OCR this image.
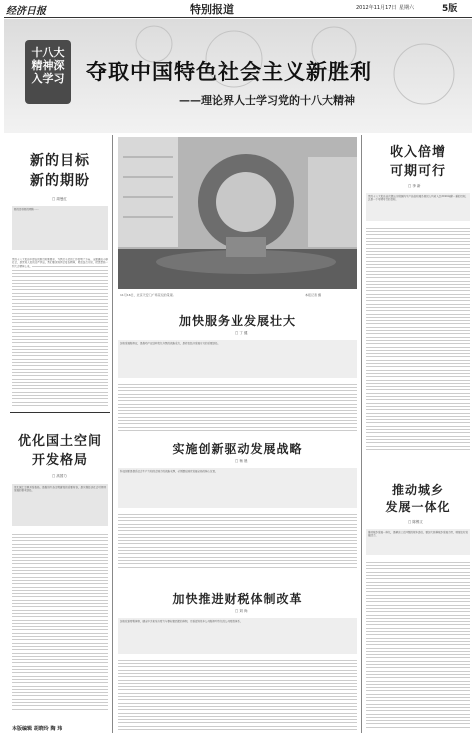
经济日报	特别报道	2012年11月17日 星期六	5版
十八大精神深入学习	夺取中国特色社会主义新胜利
——理论界人士学习党的十八大精神
新的目标
新的期盼
□ 周曼红
新的目标新的期盼……
党的十八大报告中提出的新目标新要求，为我们今后的工作指明了方向。全面建成小康社会，是党和人民的庄严承诺。我们要深刻领会报告精神，紧密结合实际，把思想统一到大会精神上来。
优化国土空间
开发格局
□ 高国力
优化国土空间开发格局，是推进生态文明建设的重要内容，是实现经济社会可持续发展的根本途径。
本版编辑 胡晓玲 陶 玮
11月16日，北京天安门广场花坛的景观。	本报记者 摄
加快服务业发展壮大
□ 丁 健
加快发展服务业，是推动产业结构优化升级的战略重点，是转变经济发展方式的重要途径。
实施创新驱动发展战略
□ 杨 晨
科技创新是提高社会生产力和综合国力的战略支撑，必须摆在国家发展全局的核心位置。
加快推进财税体制改革
□ 刘 尚
加快改革财税体制，健全中央和地方财力与事权相匹配的体制，完善促进基本公共服务均等化的公共财政体系。
收入倍增
可期可行
□ 李 新
党的十八大报告首次提出实现国内生产总值和城乡居民人均收入比2010年翻一番的目标，这是一个可期可行的目标。
推动城乡
发展一体化
□ 陈锡文
推动城乡发展一体化，是解决三农问题的根本途径。要加大统筹城乡发展力度，增强农村发展活力。
